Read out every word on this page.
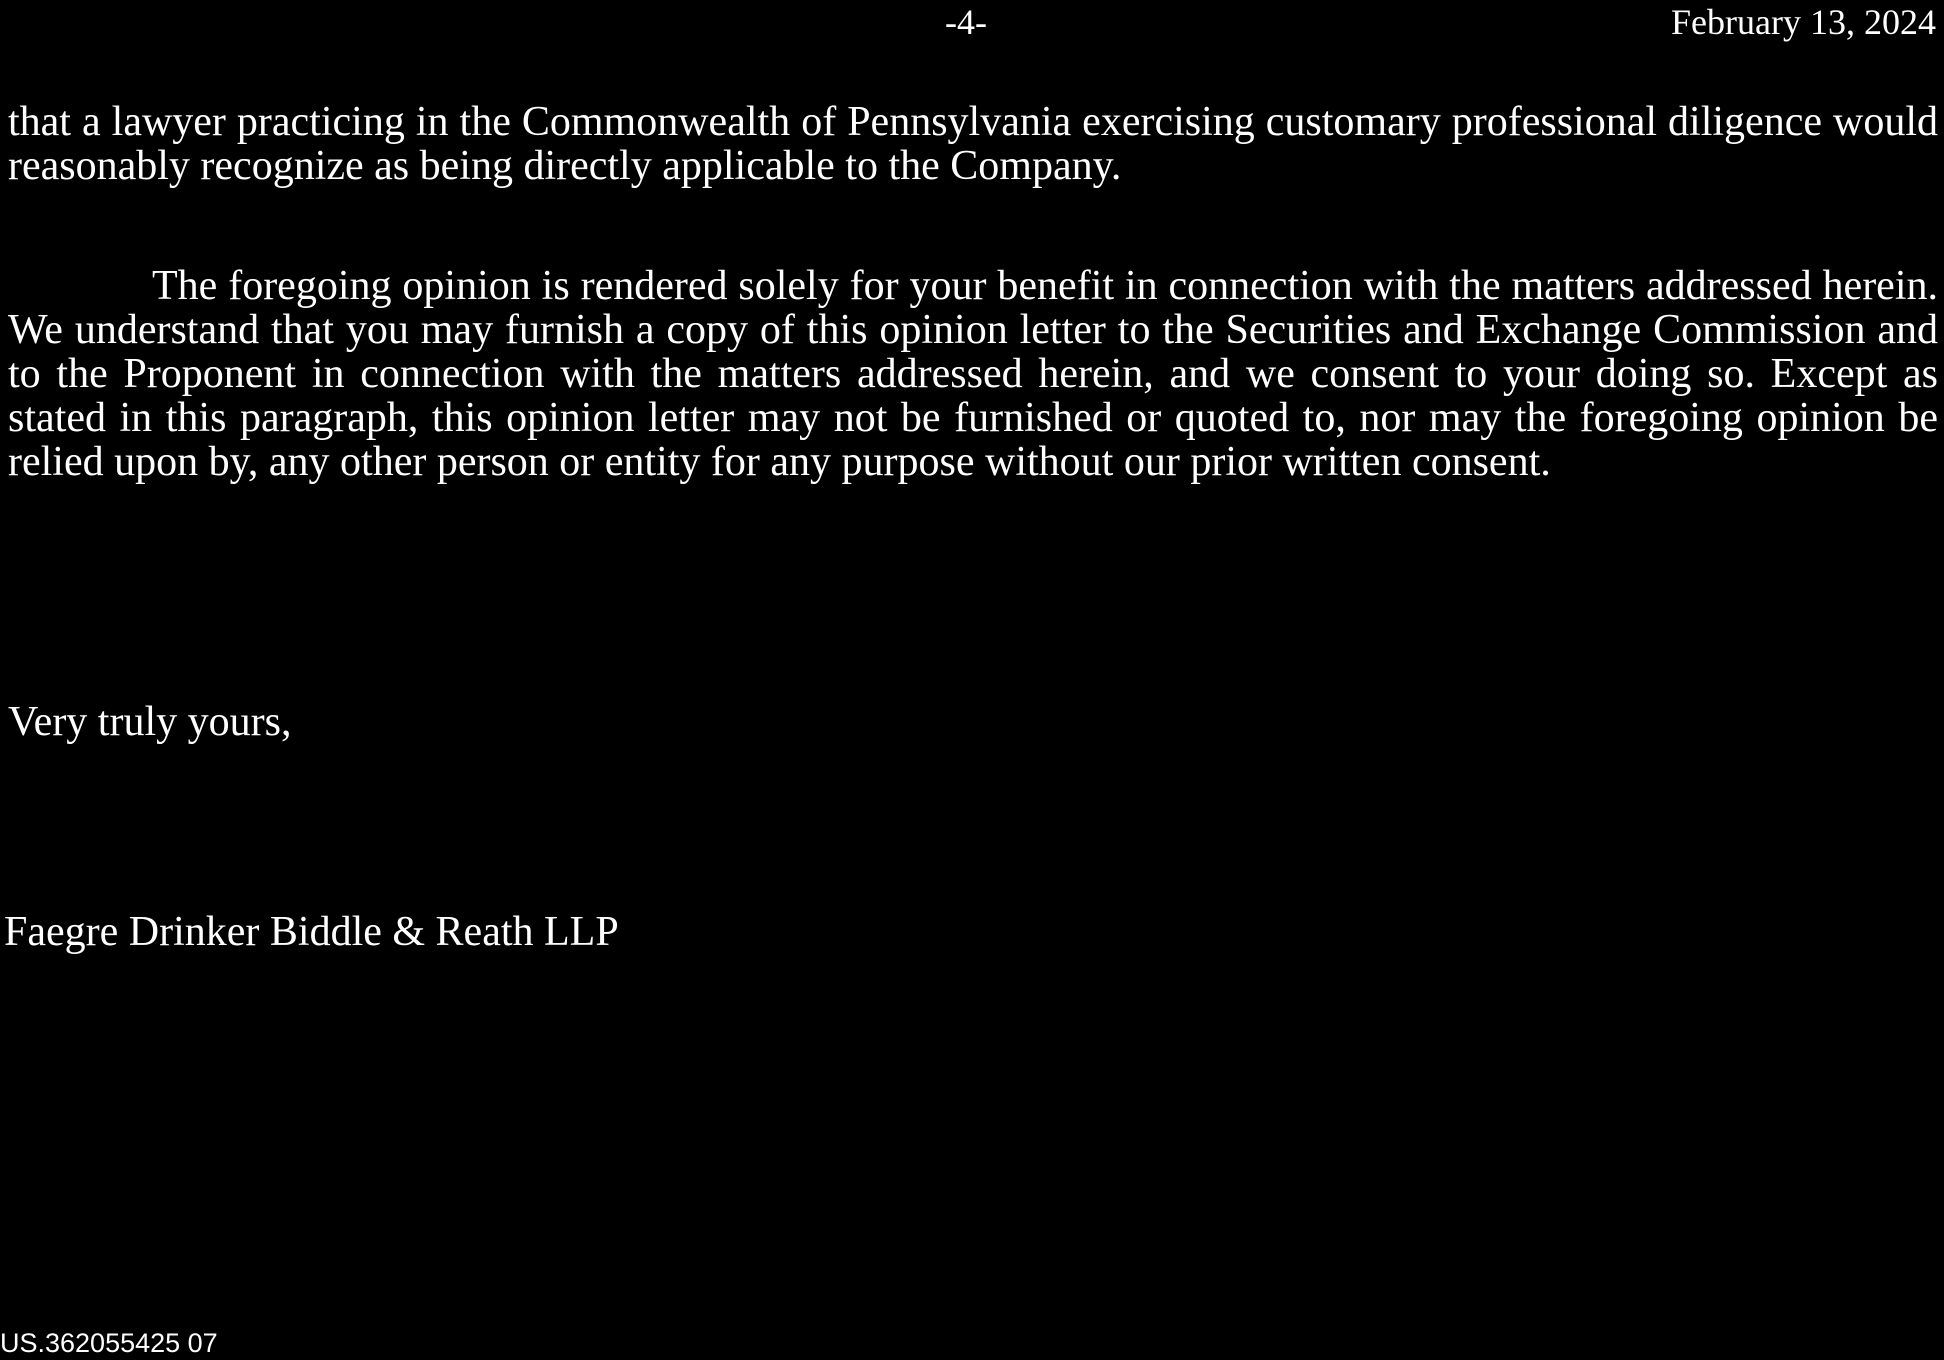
-4-	February 13, 2024

that a lawyer practicing in the Commonwealth of Pennsylvania exercising customary professional diligence would reasonably recognize as being directly applicable to the Company.

The foregoing opinion is rendered solely for your benefit in connection with the matters addressed herein. We understand that you may furnish a copy of this opinion letter to the Securities and Exchange Commission and to the Proponent in connection with the matters addressed herein, and we consent to your doing so. Except as stated in this paragraph, this opinion letter may not be furnished or quoted to, nor may the foregoing opinion be relied upon by, any other person or entity for any purpose without our prior written consent.

Very truly yours,
Faegre Drinker Biddle & Reath LLP
US.362055425 07
